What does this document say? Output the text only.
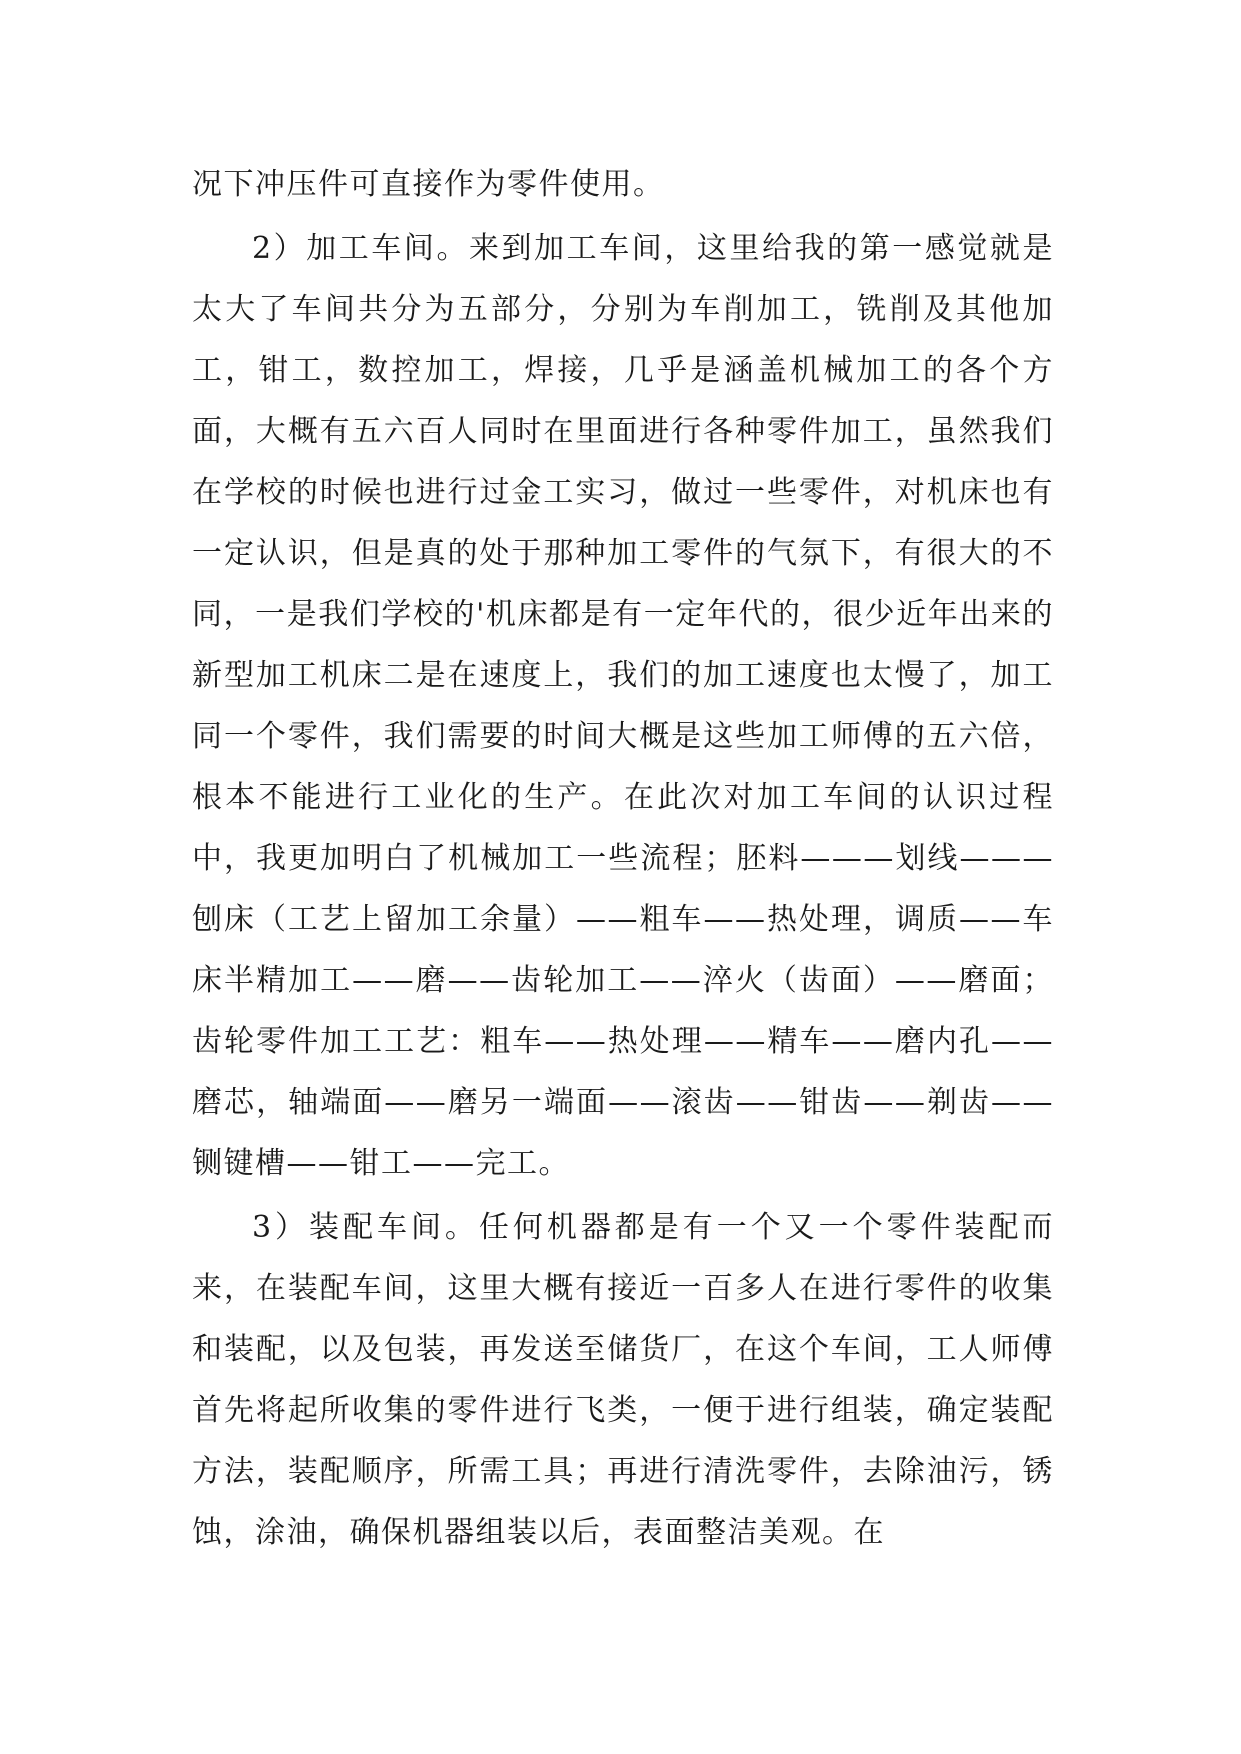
况下冲压件可直接作为零件使用。

2）加工车间。来到加工车间，这里给我的第一感觉就是太大了车间共分为五部分，分别为车削加工，铣削及其他加工，钳工，数控加工，焊接，几乎是涵盖机械加工的各个方面，大概有五六百人同时在里面进行各种零件加工，虽然我们在学校的时候也进行过金工实习，做过一些零件，对机床也有一定认识，但是真的处于那种加工零件的气氛下，有很大的不同，一是我们学校的'机床都是有一定年代的，很少近年出来的新型加工机床二是在速度上，我们的加工速度也太慢了，加工同一个零件，我们需要的时间大概是这些加工师傅的五六倍，根本不能进行工业化的生产。在此次对加工车间的认识过程中，我更加明白了机械加工一些流程；胚料———划线———刨床（工艺上留加工余量）——粗车——热处理，调质——车床半精加工——磨——齿轮加工——淬火（齿面）——磨面；齿轮零件加工工艺：粗车——热处理——精车——磨内孔——磨芯，轴端面——磨另一端面——滚齿——钳齿——剃齿——铡键槽——钳工——完工。

3）装配车间。任何机器都是有一个又一个零件装配而来，在装配车间，这里大概有接近一百多人在进行零件的收集和装配，以及包装，再发送至储货厂，在这个车间，工人师傅首先将起所收集的零件进行飞类，一便于进行组装，确定装配方法，装配顺序，所需工具；再进行清洗零件，去除油污，锈蚀，涂油，确保机器组装以后，表面整洁美观。在
